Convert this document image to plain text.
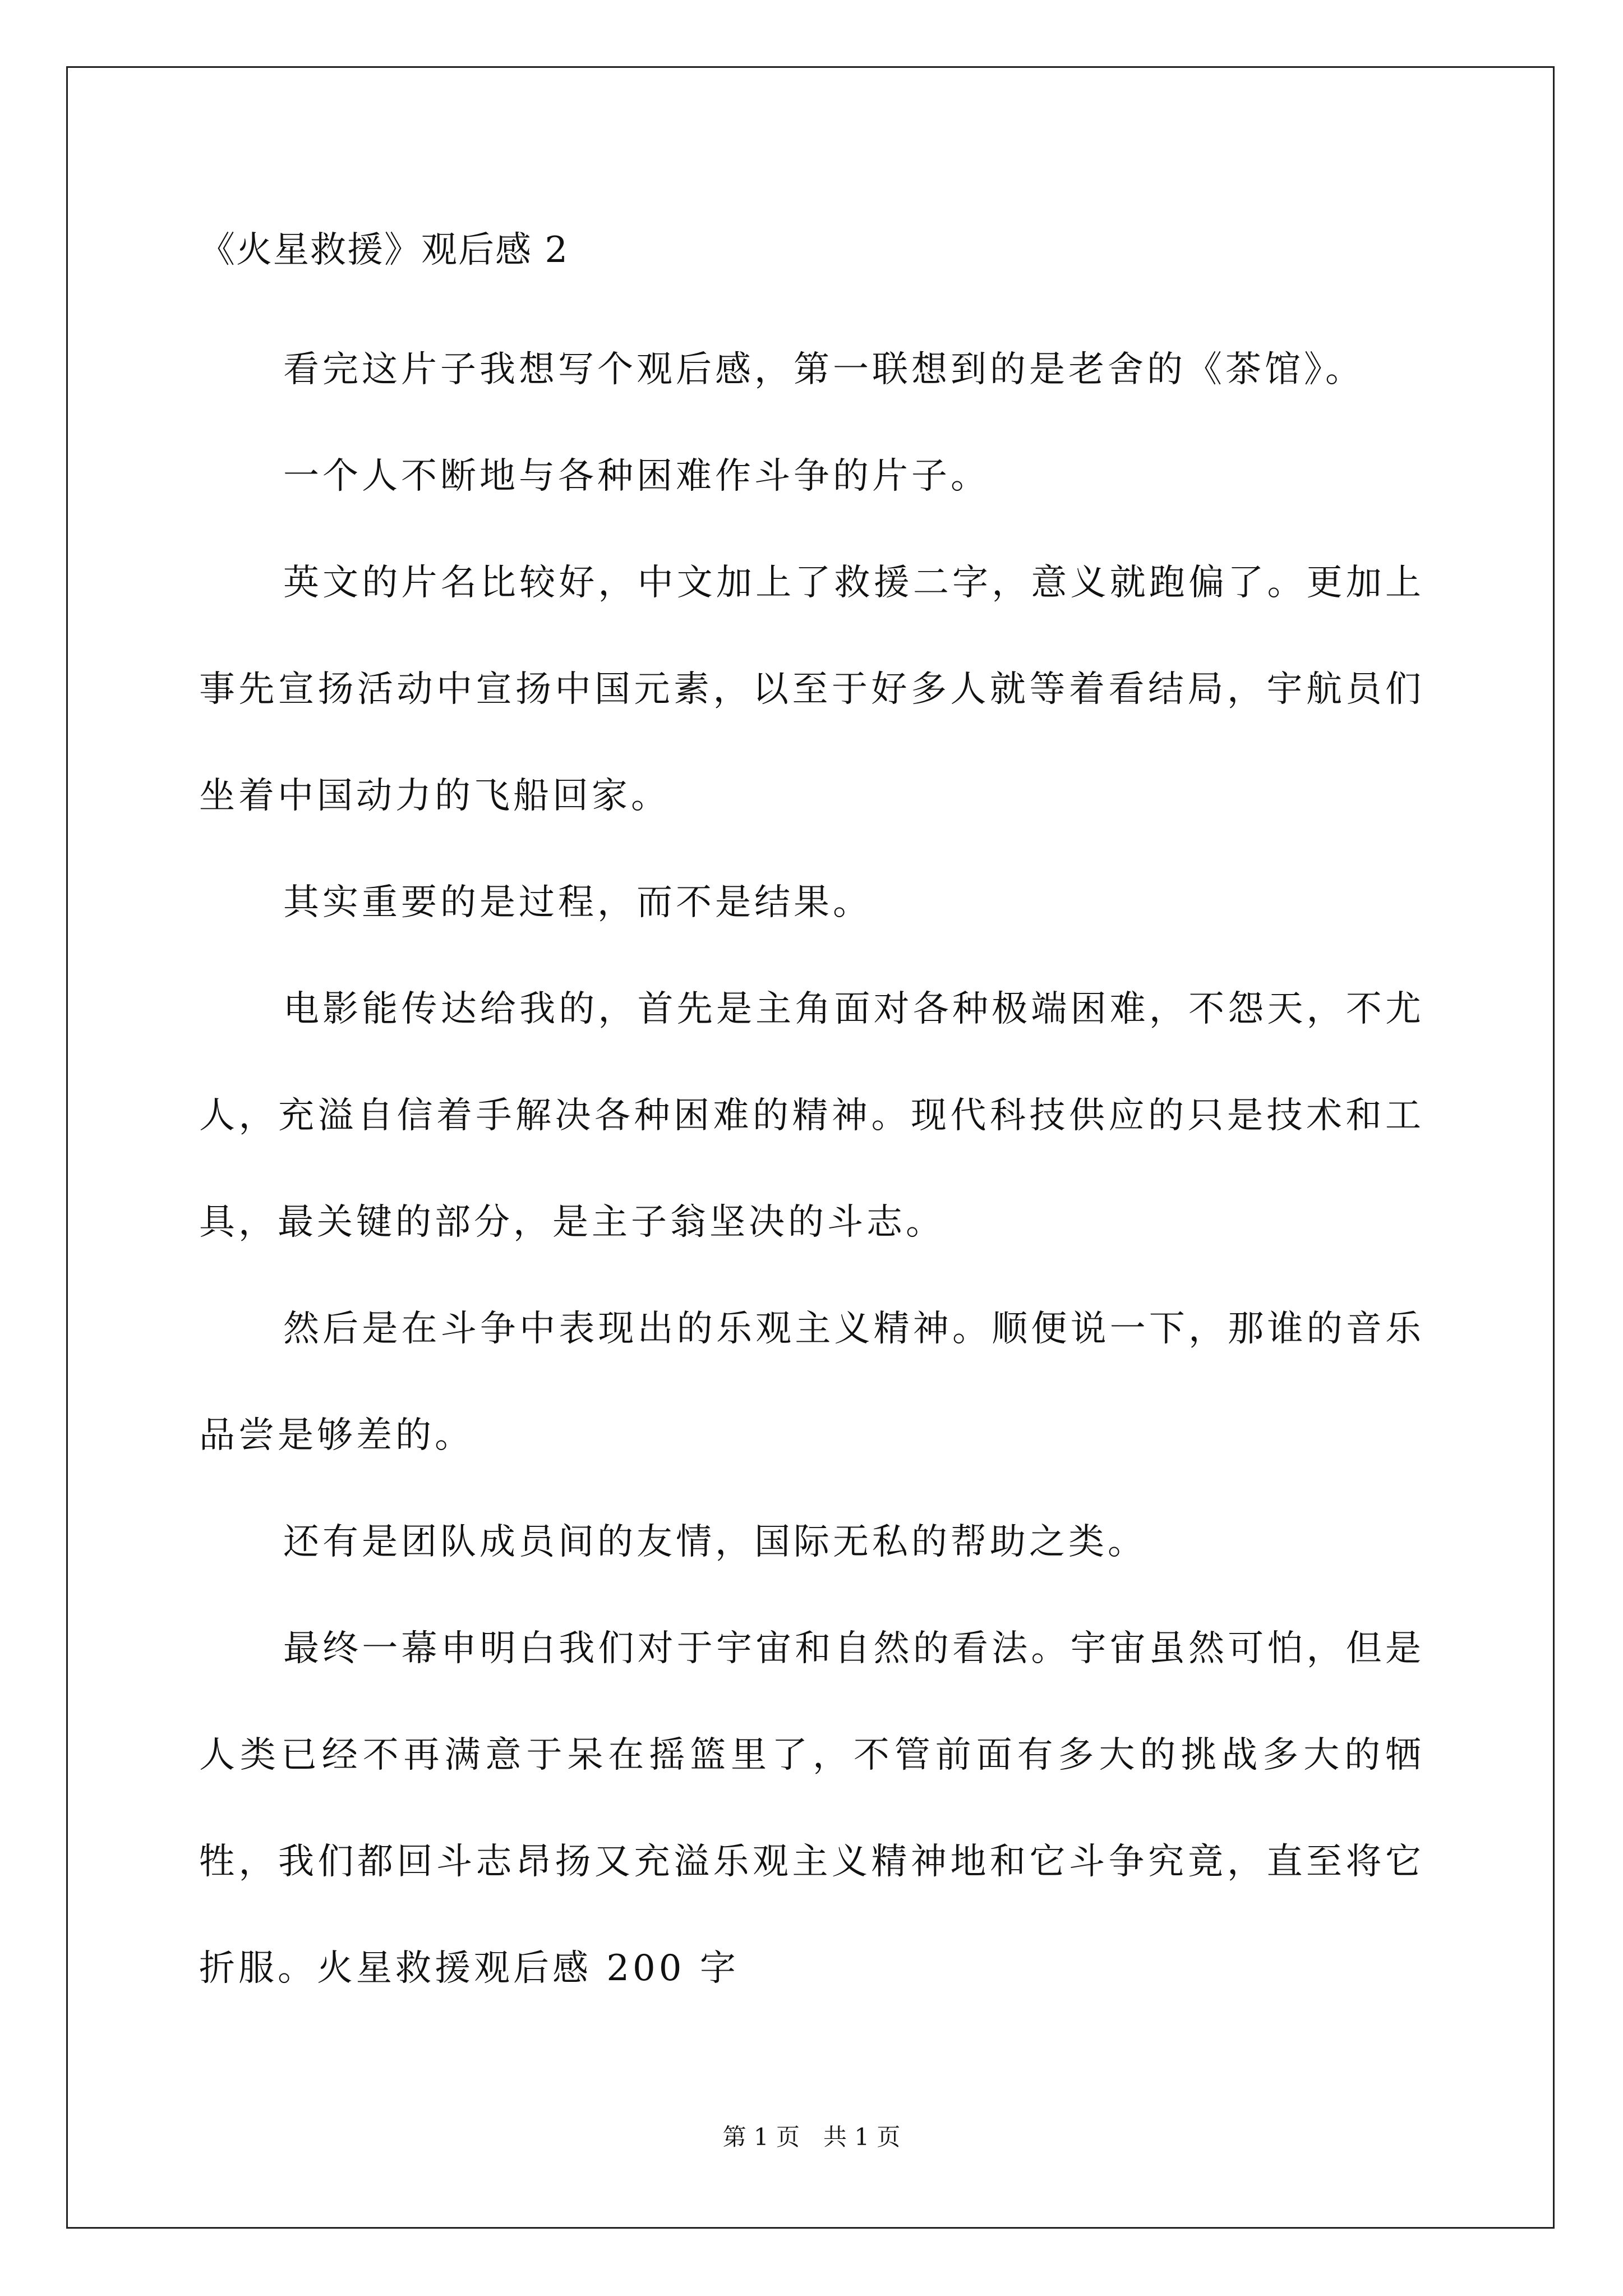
《火星救援》观后感 2

看完这片子我想写个观后感，第一联想到的是老舍的《茶馆》。

一个人不断地与各种困难作斗争的片子。

英文的片名比较好，中文加上了救援二字，意义就跑偏了。更加上事先宣扬活动中宣扬中国元素，以至于好多人就等着看结局，宇航员们坐着中国动力的飞船回家。

其实重要的是过程，而不是结果。

电影能传达给我的，首先是主角面对各种极端困难，不怨天，不尤人，充溢自信着手解决各种困难的精神。现代科技供应的只是技术和工具，最关键的部分，是主子翁坚决的斗志。

然后是在斗争中表现出的乐观主义精神。顺便说一下，那谁的音乐品尝是够差的。

还有是团队成员间的友情，国际无私的帮助之类。

最终一幕申明白我们对于宇宙和自然的看法。宇宙虽然可怕，但是人类已经不再满意于呆在摇篮里了，不管前面有多大的挑战多大的牺牲，我们都回斗志昂扬又充溢乐观主义精神地和它斗争究竟，直至将它折服。火星救援观后感 200 字

第 1 页　共 1 页
